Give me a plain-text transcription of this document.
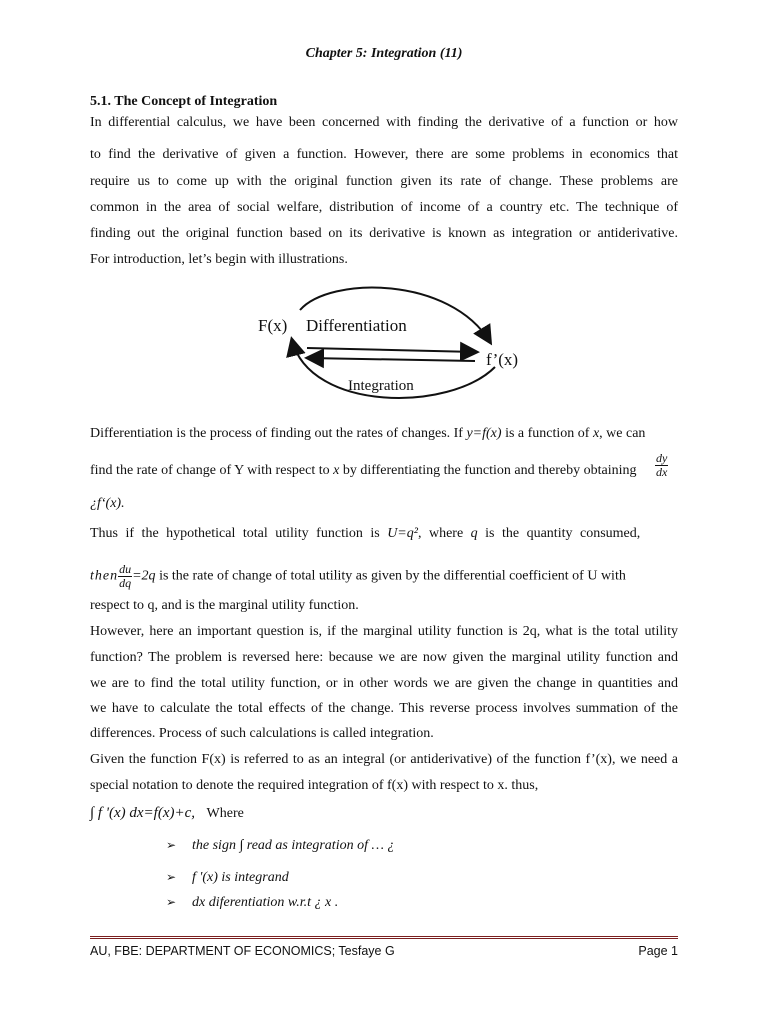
Chapter 5: Integration (11)
5.1. The Concept of Integration
In differential calculus, we have been concerned with finding the derivative of a function or how
to find the derivative of given a function. However, there are some problems in economics that
require us to come up with the original function given its rate of change. These problems are
common in the area of social welfare, distribution of income of a country etc. The technique of
finding out the original function based on its derivative is known as integration or antiderivative.
For introduction, let’s begin with illustrations.
F(x) Differentiation
f’(x)
Integration
Differentiation is the process of finding out the rates of changes. If y=f(x) is a function of x, we can
find the rate of change of Y with respect to x by differentiating the function and thereby obtaining	$\frac{dy}{dx}$
¿f‘(x).
Thus if the hypothetical total utility function is U=q², where q is the quantity consumed,
then $\frac{du}{dq} =2q$ is the rate of change of total utility as given by the differential coefficient of U with
respect to q, and is the marginal utility function.
However, here an important question is, if the marginal utility function is 2q, what is the total utility
function? The problem is reversed here: because we are now given the marginal utility function and
we are to find the total utility function, or in other words we are given the change in quantities and
we have to calculate the total effects of the change. This reverse process involves summation of the
differences. Process of such calculations is called integration.
Given the function F(x) is referred to as an integral (or antiderivative) of the function f’(x), we need a
special notation to denote the required integration of f(x) with respect to x. thus,
∫ f '(x) dx=f(x)+c, Where
➢ the sign ∫ read as integration of … ¿
➢ f '(x) is integrand
➢ dx diferentiation w.r.t ¿ x .
AU, FBE: DEPARTMENT OF ECONOMICS; Tesfaye G	Page 1
